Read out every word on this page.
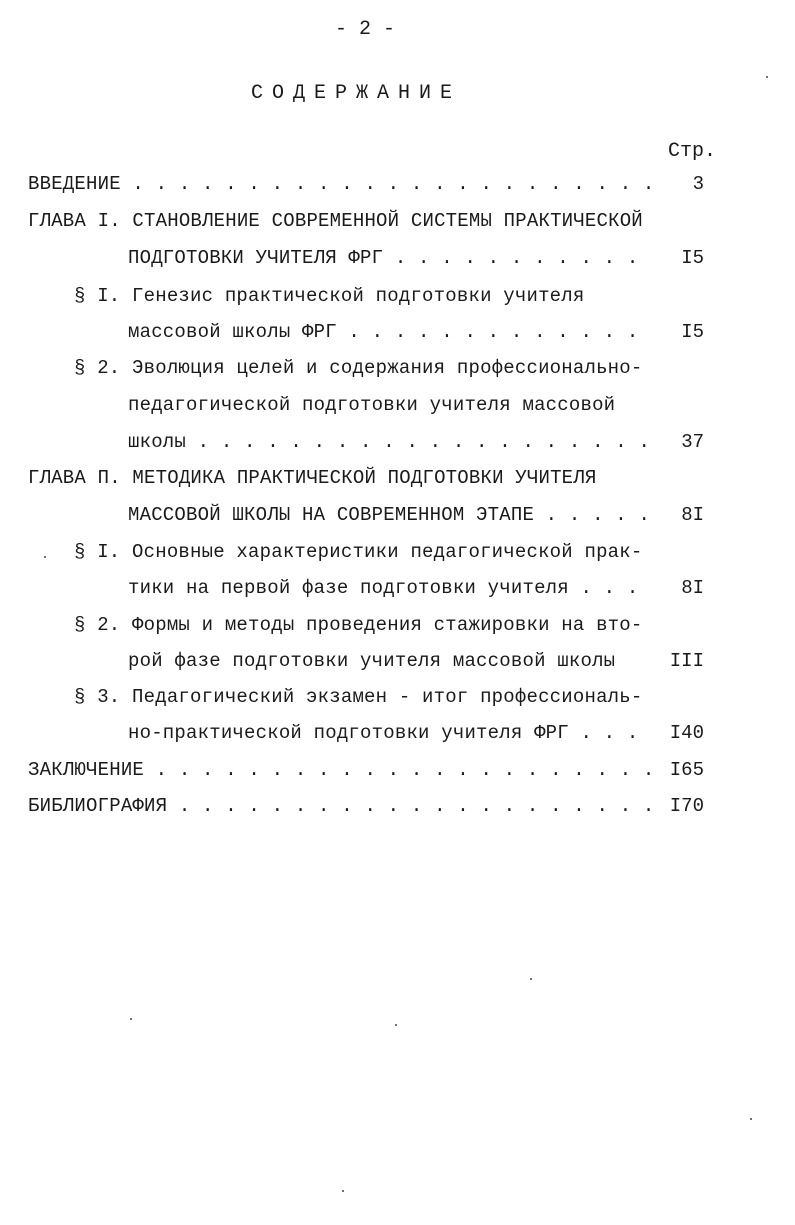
- 2 -
СОДЕРЖАНИЕ
Стр.
ВВЕДЕНИЕ . . . . . . . . . . . . . . . . . . . . . . .	3
ГЛАВА I. СТАНОВЛЕНИЕ СОВРЕМЕННОЙ СИСТЕМЫ ПРАКТИЧЕСКОЙ
ПОДГОТОВКИ УЧИТЕЛЯ ФРГ . . . . . . . . . . .	I5
§ I. Генезис практической подготовки учителя
массовой школы ФРГ . . . . . . . . . . . . .	I5
§ 2. Эволюция целей и содержания профессионально-
педагогической подготовки учителя массовой
школы . . . . . . . . . . . . . . . . . . . .	37
ГЛАВА П. МЕТОДИКА ПРАКТИЧЕСКОЙ ПОДГОТОВКИ УЧИТЕЛЯ
МАССОВОЙ ШКОЛЫ НА СОВРЕМЕННОМ ЭТАПЕ . . . . .	8I
§ I. Основные характеристики педагогической прак-
тики на первой фазе подготовки учителя . . .	8I
§ 2. Формы и методы проведения стажировки на вто-
рой фазе подготовки учителя массовой школы	III
§ 3. Педагогический экзамен - итог профессиональ-
но-практической подготовки учителя ФРГ . . .	I40
ЗАКЛЮЧЕНИЕ . . . . . . . . . . . . . . . . . . . . . . I65
БИБЛИОГРАФИЯ . . . . . . . . . . . . . . . . . . . . . I70
